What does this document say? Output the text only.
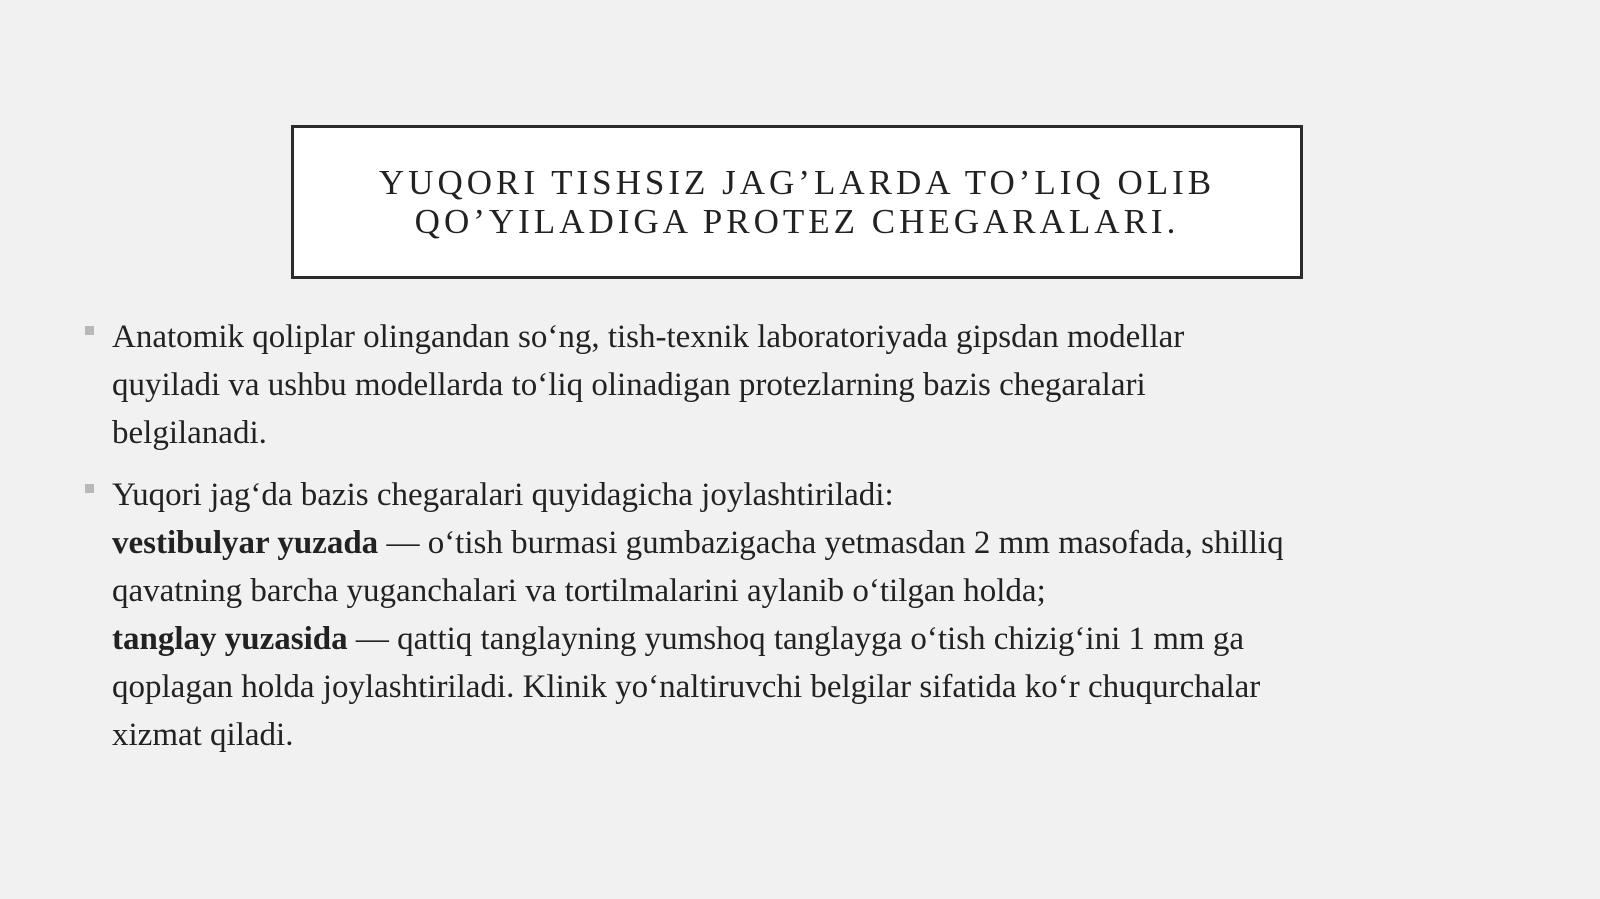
YUQORI TISHSIZ JAG’LARDA TO’LIQ OLIB
QO’YILADIGA PROTEZ CHEGARALARI.
Anatomik qoliplar olingandan so‘ng, tish-texnik laboratoriyada gipsdan modellar
quyiladi va ushbu modellarda to‘liq olinadigan protezlarning bazis chegaralari
belgilanadi.
Yuqori jag‘da bazis chegaralari quyidagicha joylashtiriladi:
vestibulyar yuzada — o‘tish burmasi gumbazigacha yetmasdan 2 mm masofada, shilliq
qavatning barcha yuganchalari va tortilmalarini aylanib o‘tilgan holda;
tanglay yuzasida — qattiq tanglayning yumshoq tanglayga o‘tish chizig‘ini 1 mm ga
qoplagan holda joylashtiriladi. Klinik yo‘naltiruvchi belgilar sifatida ko‘r chuqurchalar
xizmat qiladi.
